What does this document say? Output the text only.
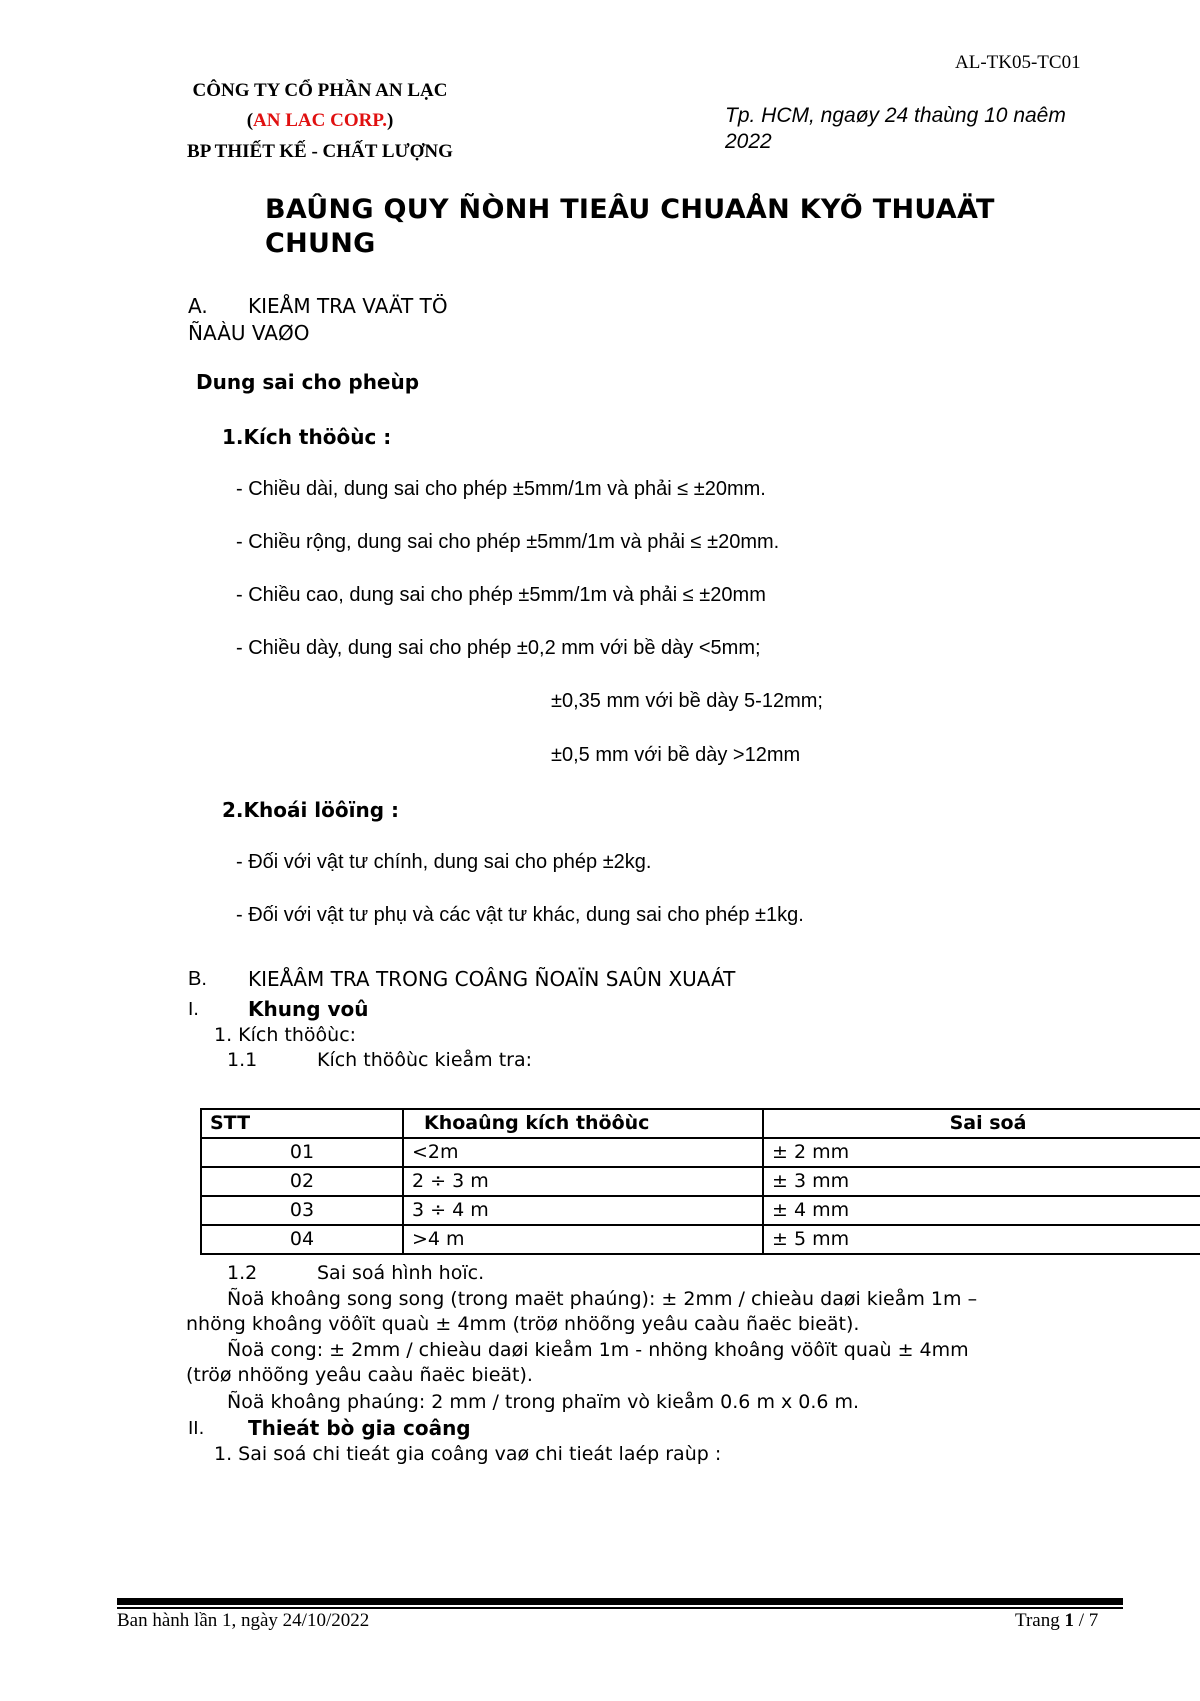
CÔNG TY CỔ PHẦN AN LẠC
(AN LAC CORP.)
BP THIẾT KẾ - CHẤT LƯỢNG
AL-TK05-TC01
Tp. HCM, ngaøy 24 thaùng 10 naêm
2022
BAÛNG QUY ÑÒNH TIEÂU CHUAÅN KYÕ THUAÄT
CHUNG
A. KIEÅM TRA VAÄT TÖ
ÑAÀU VAØO
Dung sai cho pheùp
1.Kích thöôùc :
- Chiều dài, dung sai cho phép ±5mm/1m và phải ≤ ±20mm.
- Chiều rộng, dung sai cho phép ±5mm/1m và phải ≤ ±20mm.
- Chiều cao, dung sai cho phép ±5mm/1m và phải ≤ ±20mm
- Chiều dày, dung sai cho phép ±0,2 mm với bề dày <5mm;
±0,35 mm với bề dày 5-12mm;
±0,5 mm với bề dày >12mm
2.Khoái löôïng :
- Đối với vật tư chính, dung sai cho phép ±2kg.
- Đối với vật tư phụ và các vật tư khác, dung sai cho phép ±1kg.
B. KIEÅÂM TRA TRONG COÂNG ÑOAÏN SAÛN XUAÁT
I. Khung voû
1. Kích thöôùc:
1.1	Kích thöôùc kieåm tra:
STT	Khoaûng kích thöôùc	Sai soá
01	<2m	± 2 mm
02	2 ÷ 3 m	± 3 mm
03	3 ÷ 4 m	± 4 mm
04	>4 m	± 5 mm
1.2	Sai soá hình hoïc.
Ñoä khoâng song song (trong maët phaúng): ± 2mm / chieàu daøi kieåm 1m –
nhöng khoâng vöôït quaù ± 4mm (tröø nhöõng yeâu caàu ñaëc bieät).
Ñoä cong: ± 2mm / chieàu daøi kieåm 1m - nhöng khoâng vöôït quaù ± 4mm
(tröø nhöõng yeâu caàu ñaëc bieät).
Ñoä khoâng phaúng: 2 mm / trong phaïm vò kieåm 0.6 m x 0.6 m.
II. Thieát bò gia coâng
1. Sai soá chi tieát gia coâng vaø chi tieát laép raùp :
Ban hành lần 1, ngày 24/10/2022	Trang 1 / 7
